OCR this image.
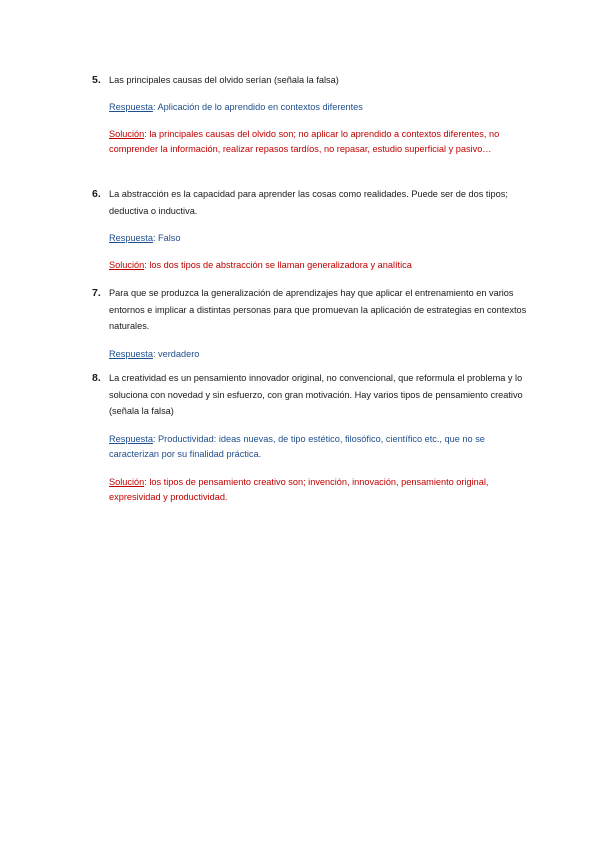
5. Las principales causas del olvido serían (señala la falsa)
Respuesta: Aplicación de lo aprendido en contextos diferentes
Solución: la principales causas del olvido son; no aplicar lo aprendido a contextos diferentes, no comprender la información, realizar repasos tardíos, no repasar, estudio superficial y pasivo…
6. La abstracción es la capacidad para aprender las cosas como realidades. Puede ser de dos tipos; deductiva o inductiva.
Respuesta: Falso
Solución: los dos tipos de abstracción se llaman generalizadora y analítica
7. Para que se produzca la generalización de aprendizajes hay que aplicar el entrenamiento en varios entornos e implicar a distintas personas para que promuevan la aplicación de estrategias en contextos naturales.
Respuesta: verdadero
8. La creatividad es un pensamiento innovador original, no convencional, que reformula el problema y lo soluciona con novedad y sin esfuerzo, con gran motivación. Hay varios tipos de pensamiento creativo (señala la falsa)
Respuesta: Productividad: ideas nuevas, de tipo estético, filosófico, científico etc., que no se caracterizan por su finalidad práctica.
Solución: los tipos de pensamiento creativo son; invención, innovación, pensamiento original, expresividad y productividad.
